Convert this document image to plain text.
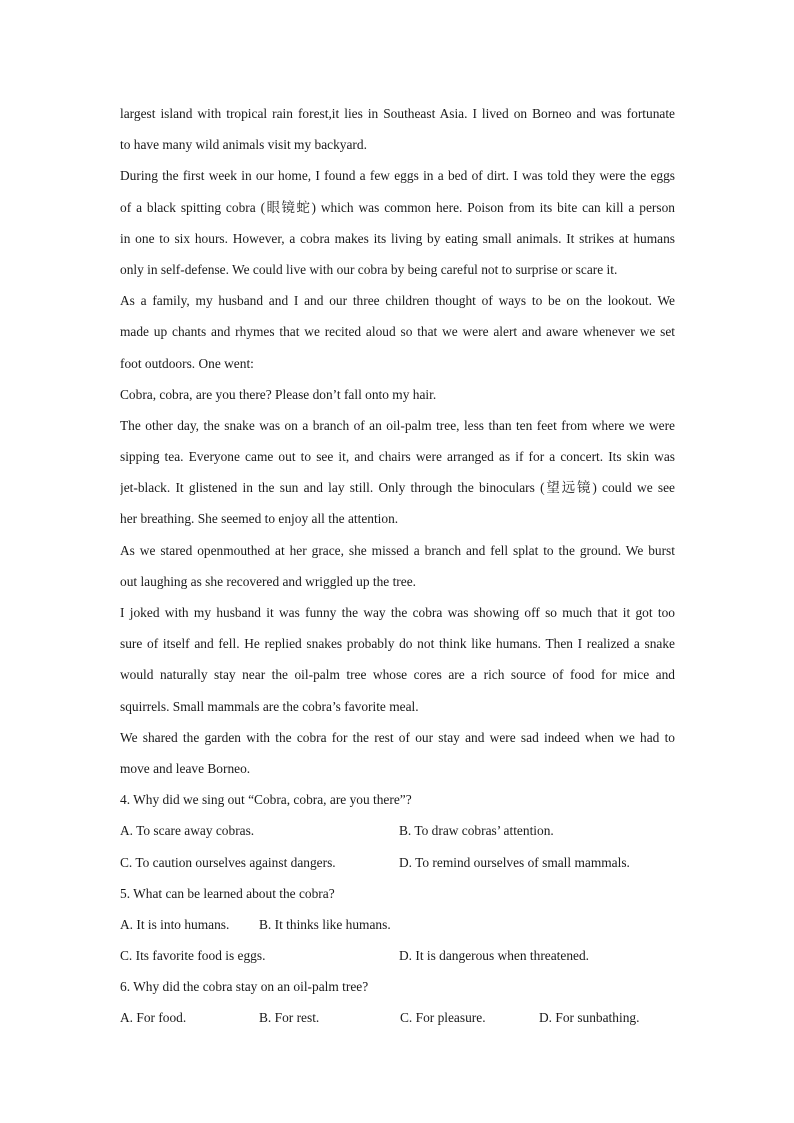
largest island with tropical rain forest,it lies in Southeast Asia. I lived on Borneo and was fortunate
to have many wild animals visit my backyard.
During the first week in our home, I found a few eggs in a bed of dirt. I was told they were the eggs
of a black spitting cobra (眼镜蛇) which was common here. Poison from its bite can kill a person
in one to six hours. However, a cobra makes its living by eating small animals. It strikes at humans
only in self-defense. We could live with our cobra by being careful not to surprise or scare it.
As a family, my husband and I and our three children thought of ways to be on the lookout. We
made up chants and rhymes that we recited aloud so that we were alert and aware whenever we set
foot outdoors. One went:
Cobra, cobra, are you there? Please don’t fall onto my hair.
The other day, the snake was on a branch of an oil-palm tree, less than ten feet from where we were
sipping tea. Everyone came out to see it, and chairs were arranged as if for a concert. Its skin was
jet-black. It glistened in the sun and lay still. Only through the binoculars (望远镜) could we see
her breathing. She seemed to enjoy all the attention.
As we stared openmouthed at her grace, she missed a branch and fell splat to the ground. We burst
out laughing as she recovered and wriggled up the tree.
I joked with my husband it was funny the way the cobra was showing off so much that it got too
sure of itself and fell. He replied snakes probably do not think like humans. Then I realized a snake
would naturally stay near the oil-palm tree whose cores are a rich source of food for mice and
squirrels. Small mammals are the cobra’s favorite meal.
We shared the garden with the cobra for the rest of our stay and were sad indeed when we had to
move and leave Borneo.
4. Why did we sing out “Cobra, cobra, are you there”?
A. To scare away cobras.	B. To draw cobras’ attention.
C. To caution ourselves against dangers.	D. To remind ourselves of small mammals.
5. What can be learned about the cobra?
A. It is into humans. B. It thinks like humans.
C. Its favorite food is eggs.	D. It is dangerous when threatened.
6. Why did the cobra stay on an oil-palm tree?
A. For food.	B. For rest.	C. For pleasure.	D. For sunbathing.
